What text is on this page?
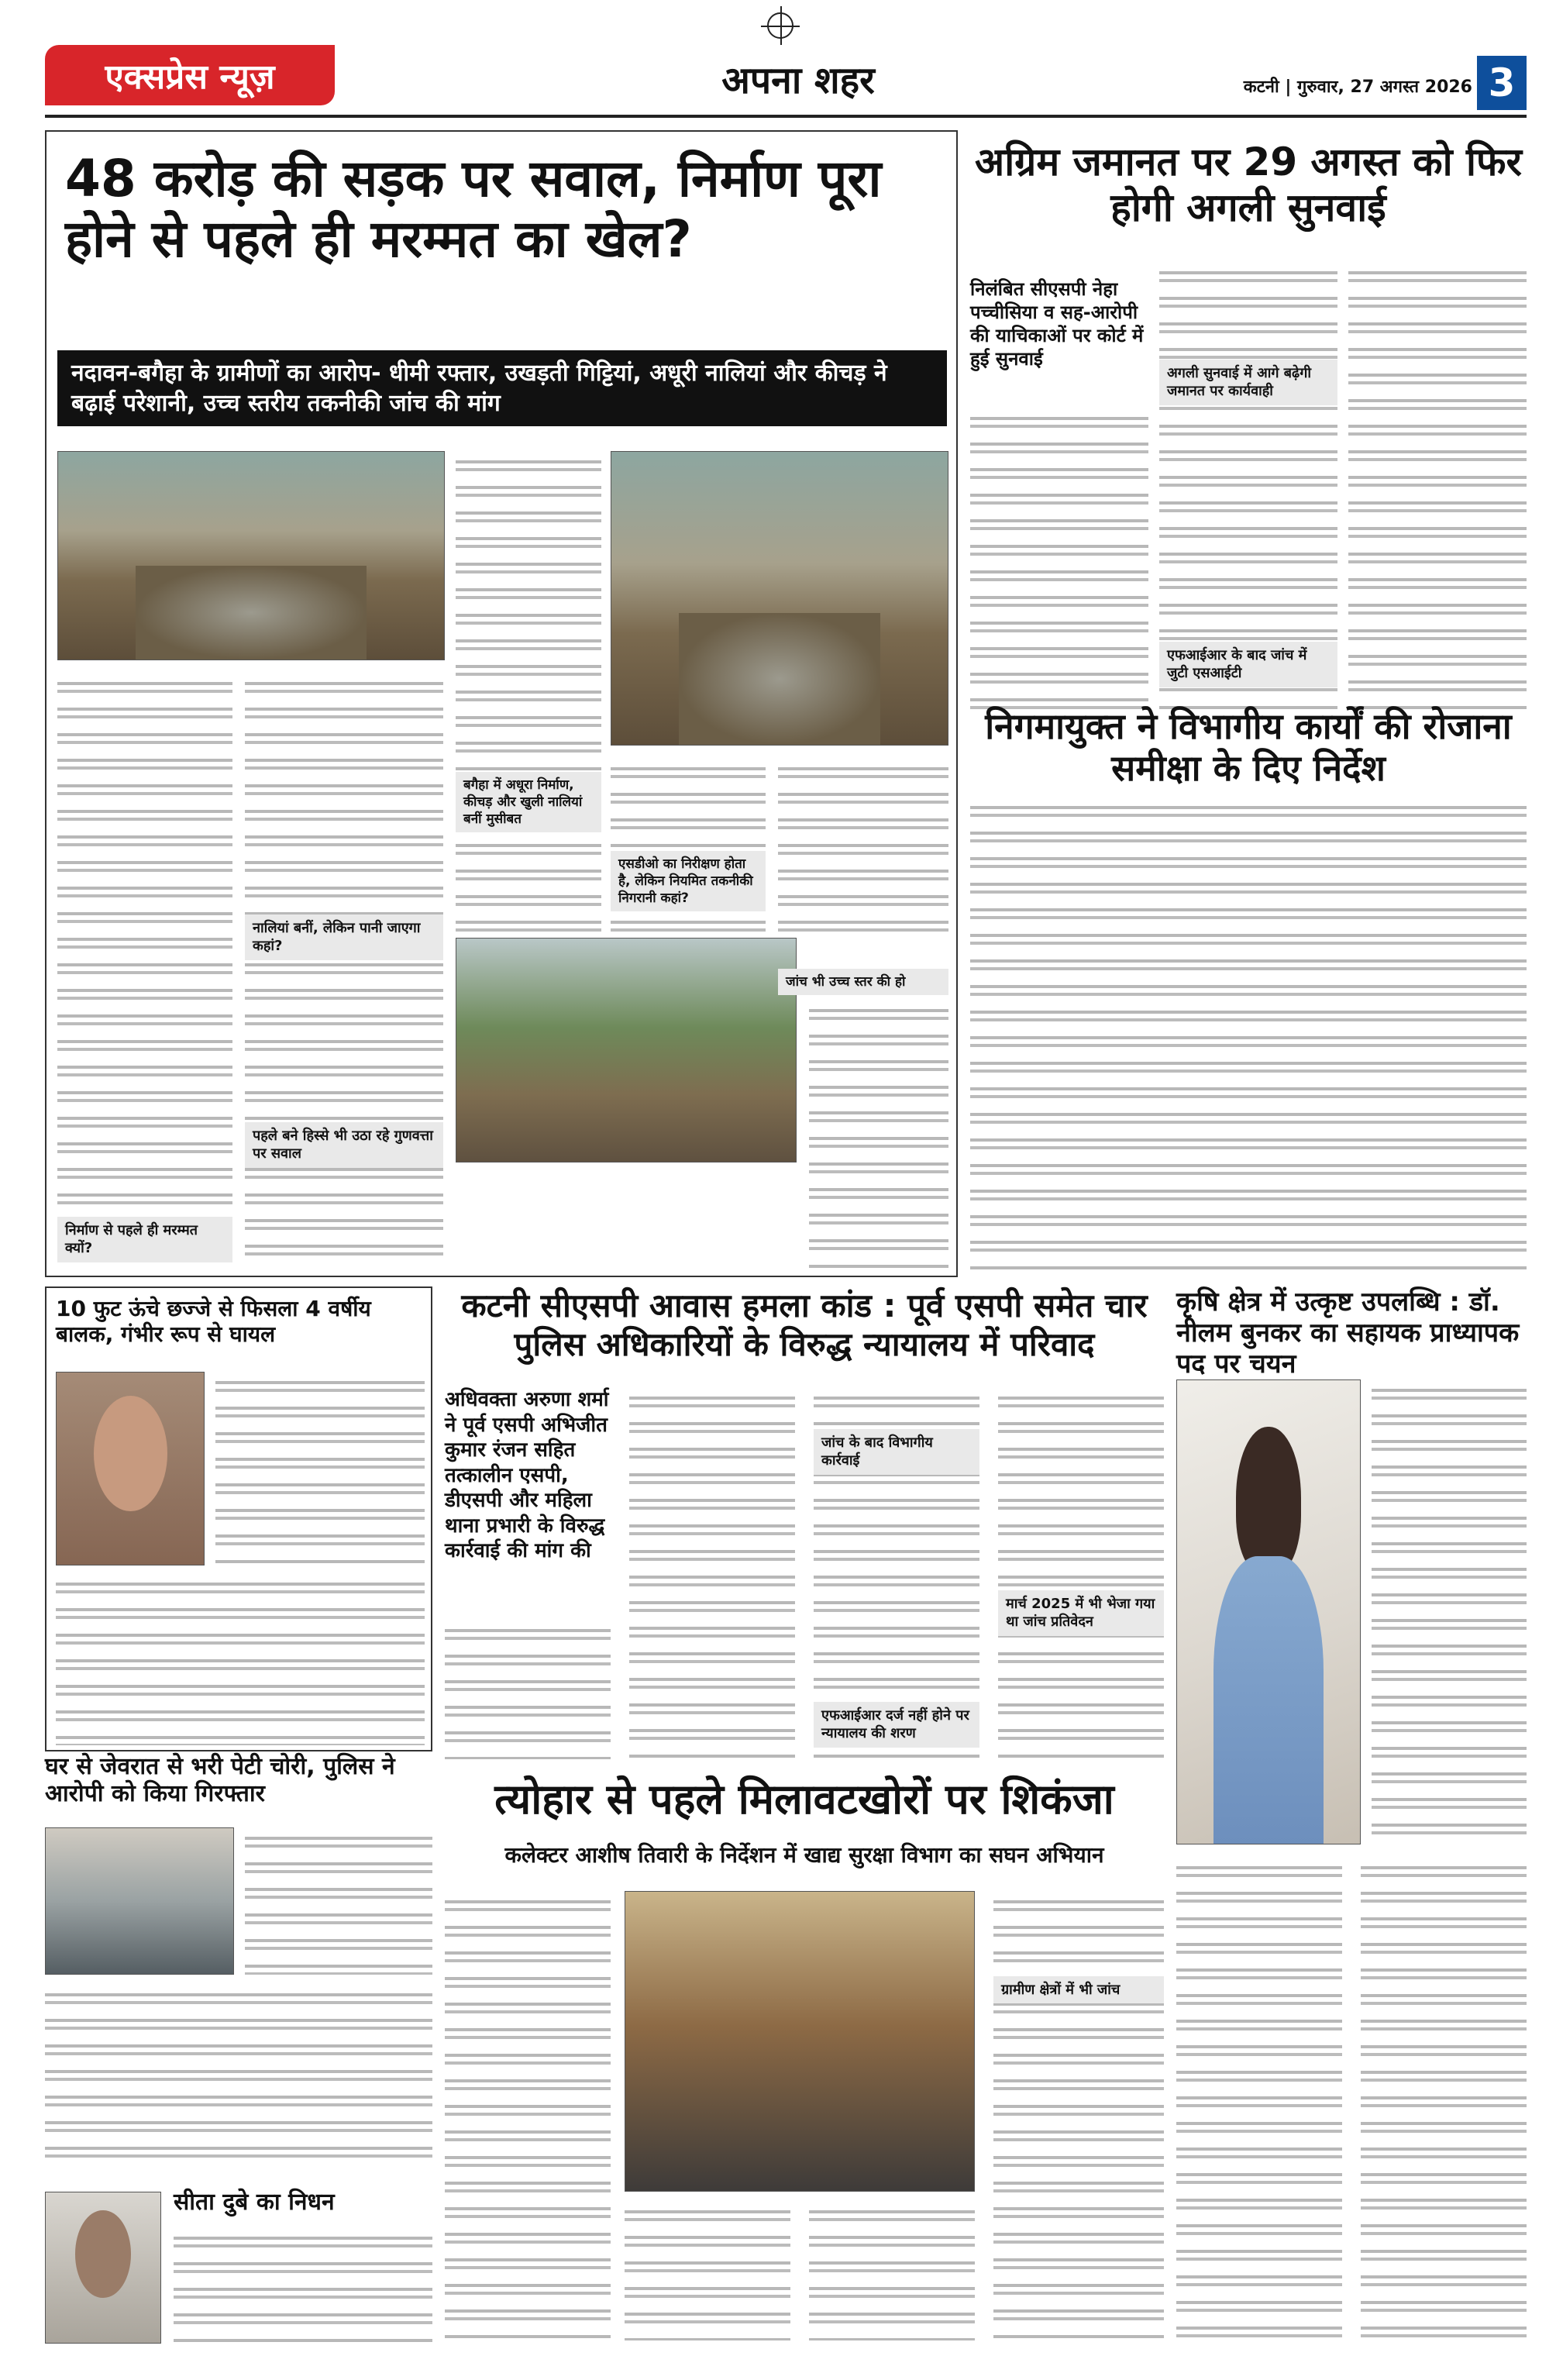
एक्सप्रेस न्यूज़	अपना शहर	कटनी | गुरुवार, 27 अगस्त 2026 3
48 करोड़ की सड़क पर सवाल, निर्माण पूरा होने से पहले ही मरम्मत का खेल?
नदावन-बगैहा के ग्रामीणों का आरोप- धीमी रफ्तार, उखड़ती गिट्टियां, अधूरी नालियां और कीचड़ ने बढ़ाई परेशानी, उच्च स्तरीय तकनीकी जांच की मांग
निर्माण से पहले ही मरम्मत क्यों?
नालियां बनीं, लेकिन पानी जाएगा कहां?
बगैहा में अधूरा निर्माण, कीचड़ और खुली नालियां बनीं मुसीबत
पहले बने हिस्से भी उठा रहे गुणवत्ता पर सवाल
एसडीओ का निरीक्षण होता है, लेकिन नियमित तकनीकी निगरानी कहां?
जांच भी उच्च स्तर की हो
अग्रिम जमानत पर 29 अगस्त को फिर होगी अगली सुनवाई
निलंबित सीएसपी नेहा पच्चीसिया व सह-आरोपी की याचिकाओं पर कोर्ट में हुई सुनवाई
अगली सुनवाई में आगे बढ़ेगी जमानत पर कार्यवाही
एफआईआर के बाद जांच में जुटी एसआईटी
निगमायुक्त ने विभागीय कार्यों की रोजाना समीक्षा के दिए निर्देश
10 फुट ऊंचे छज्जे से फिसला 4 वर्षीय बालक, गंभीर रूप से घायल
घर से जेवरात से भरी पेटी चोरी, पुलिस ने आरोपी को किया गिरफ्तार
सीता दुबे का निधन
कटनी सीएसपी आवास हमला कांड : पूर्व एसपी समेत चार पुलिस अधिकारियों के विरुद्ध न्यायालय में परिवाद
अधिवक्ता अरुणा शर्मा ने पूर्व एसपी अभिजीत कुमार रंजन सहित तत्कालीन एसपी, डीएसपी और महिला थाना प्रभारी के विरुद्ध कार्रवाई की मांग की
जांच के बाद विभागीय कार्रवाई
एफआईआर दर्ज नहीं होने पर न्यायालय की शरण
मार्च 2025 में भी भेजा गया था जांच प्रतिवेदन
कृषि क्षेत्र में उत्कृष्ट उपलब्धि : डॉ. नीलम बुनकर का सहायक प्राध्यापक पद पर चयन
त्योहार से पहले मिलावटखोरों पर शिकंजा
कलेक्टर आशीष तिवारी के निर्देशन में खाद्य सुरक्षा विभाग का सघन अभियान
ग्रामीण क्षेत्रों में भी जांच
